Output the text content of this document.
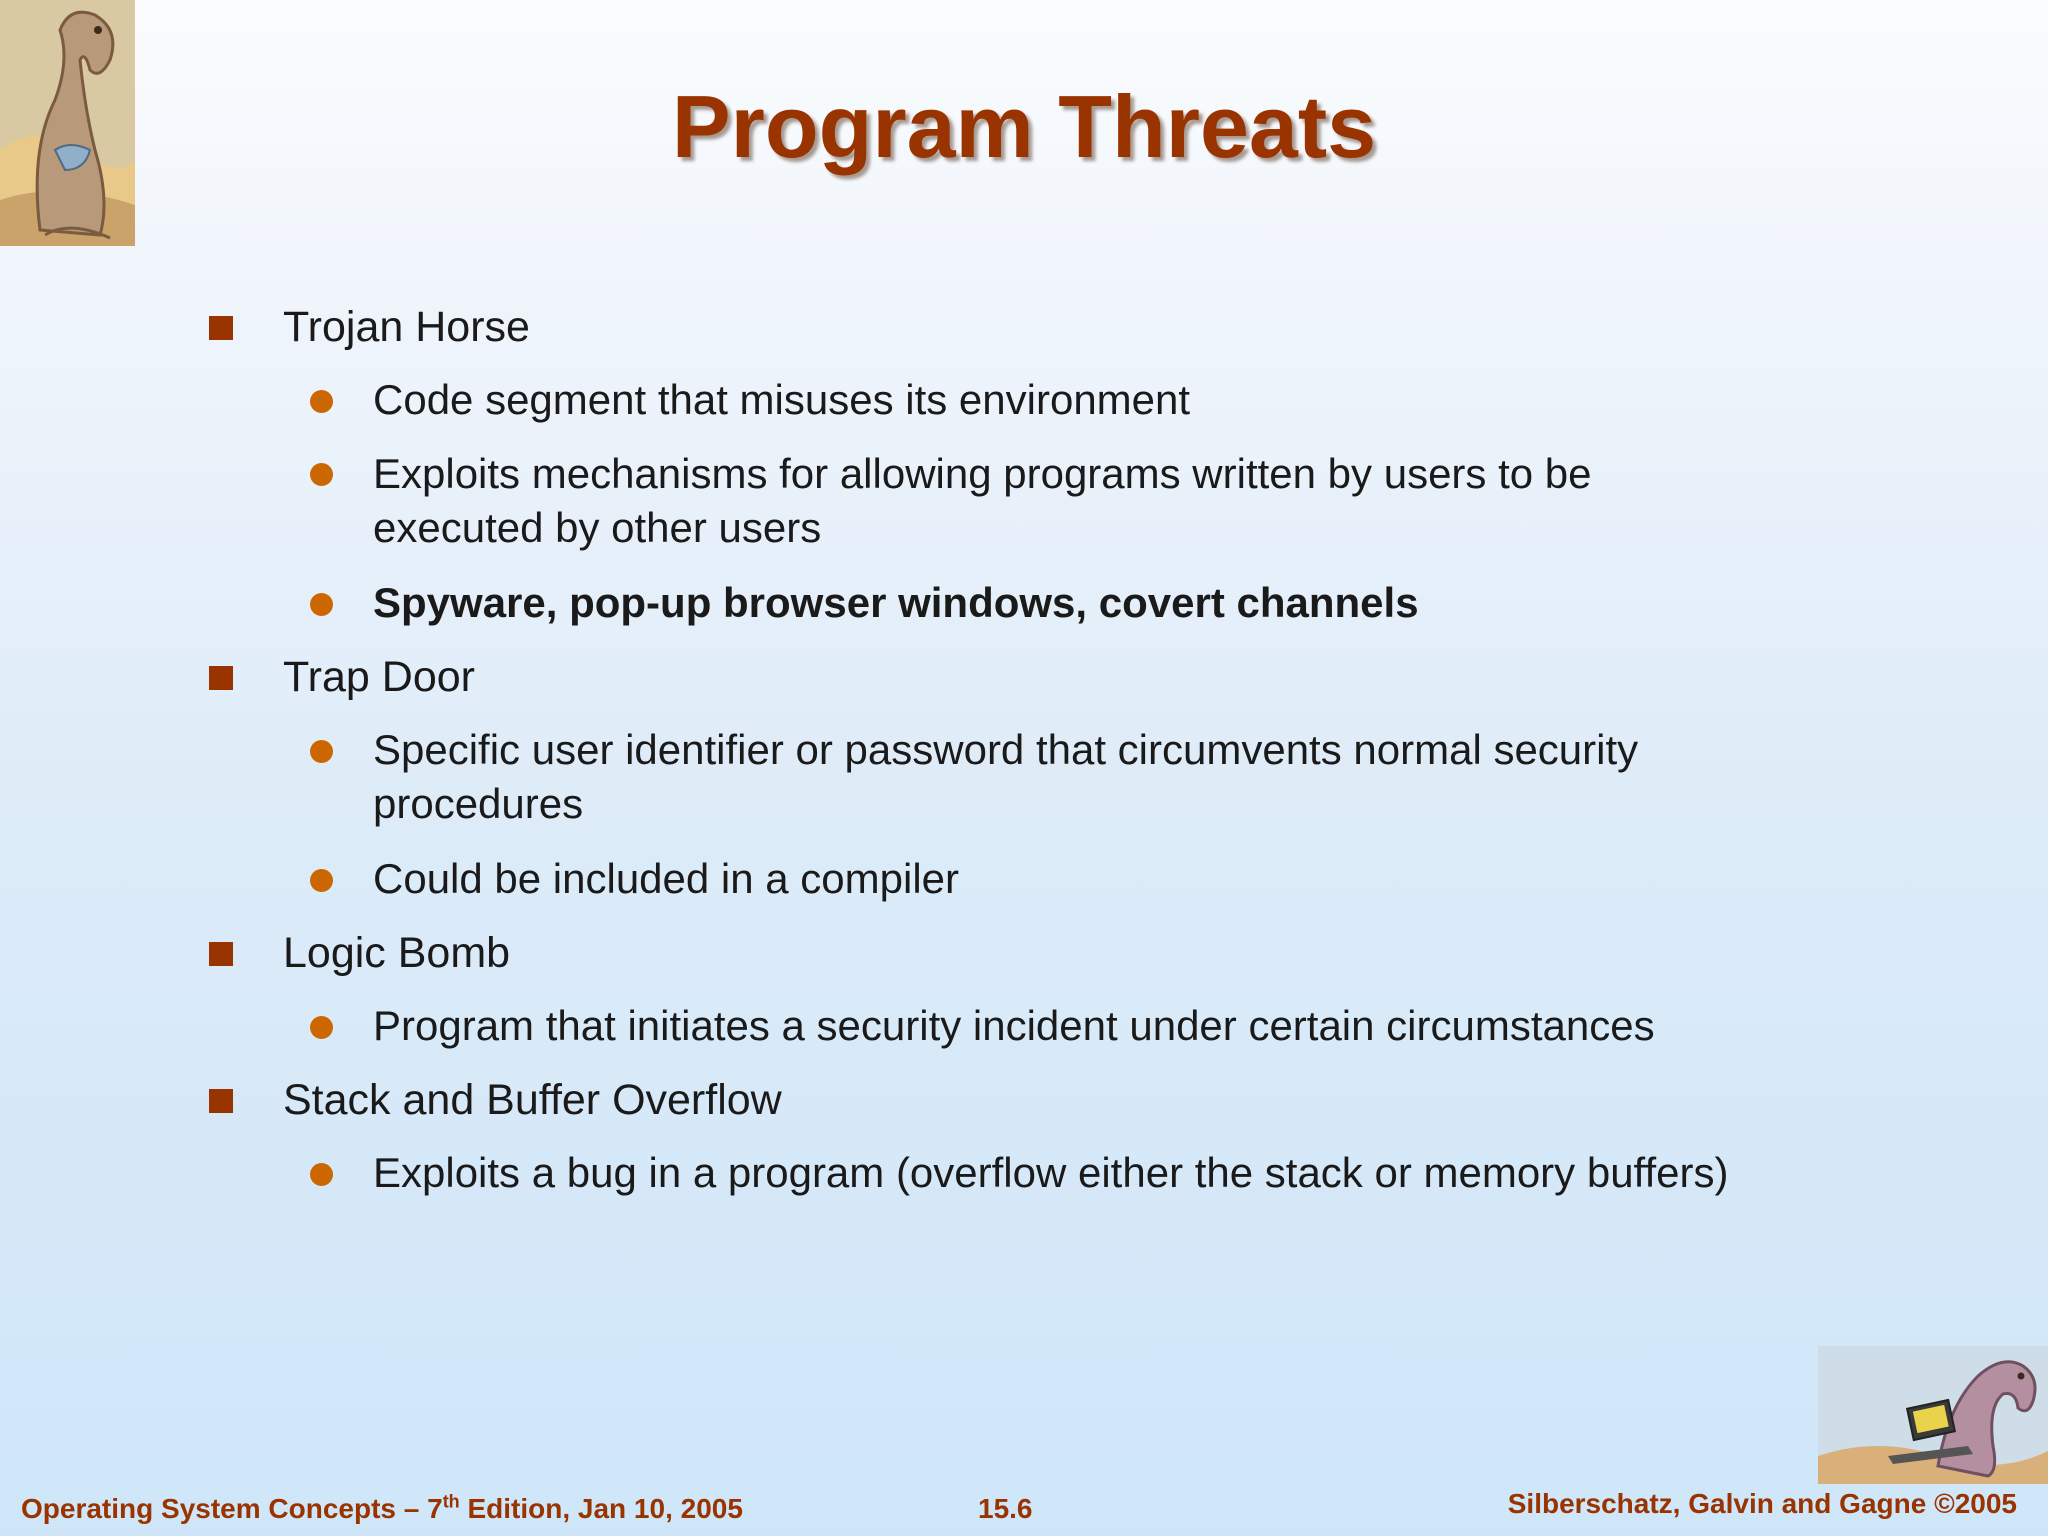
Program Threats
Trojan Horse
Code segment that misuses its environment
Exploits mechanisms for allowing programs written by users to be executed by other users
Spyware, pop-up browser windows, covert channels
Trap Door
Specific user identifier or password that circumvents normal security procedures
Could be included in a compiler
Logic Bomb
Program that initiates a security incident under certain circumstances
Stack and Buffer Overflow
Exploits a bug in a program (overflow either the stack or memory buffers)
Operating System Concepts – 7th Edition, Jan 10, 2005	15.6	Silberschatz, Galvin and Gagne ©2005
